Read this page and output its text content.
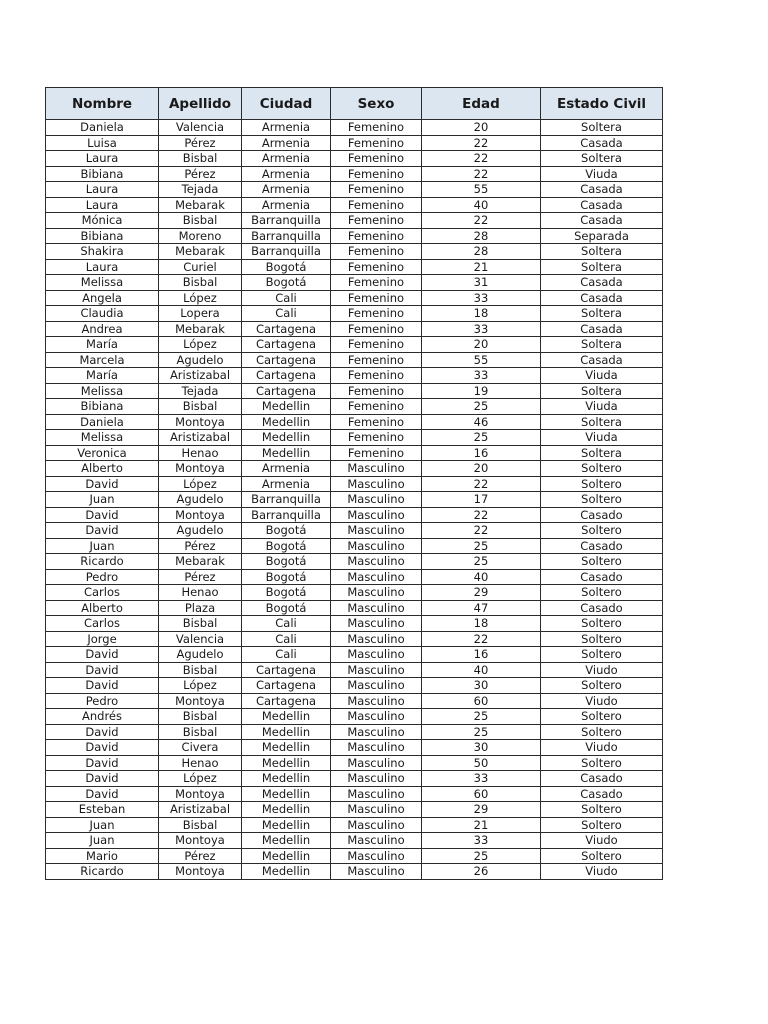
Nombre	Apellido	Ciudad	Sexo	Edad	Estado Civil
Daniela	Valencia	Armenia	Femenino	20	Soltera
Luisa	Pérez	Armenia	Femenino	22	Casada
Laura	Bisbal	Armenia	Femenino	22	Soltera
Bibiana	Pérez	Armenia	Femenino	22	Viuda
Laura	Tejada	Armenia	Femenino	55	Casada
Laura	Mebarak	Armenia	Femenino	40	Casada
Mónica	Bisbal	Barranquilla	Femenino	22	Casada
Bibiana	Moreno	Barranquilla	Femenino	28	Separada
Shakira	Mebarak	Barranquilla	Femenino	28	Soltera
Laura	Curiel	Bogotá	Femenino	21	Soltera
Melissa	Bisbal	Bogotá	Femenino	31	Casada
Angela	López	Cali	Femenino	33	Casada
Claudia	Lopera	Cali	Femenino	18	Soltera
Andrea	Mebarak	Cartagena	Femenino	33	Casada
María	López	Cartagena	Femenino	20	Soltera
Marcela	Agudelo	Cartagena	Femenino	55	Casada
María	Aristizabal	Cartagena	Femenino	33	Viuda
Melissa	Tejada	Cartagena	Femenino	19	Soltera
Bibiana	Bisbal	Medellin	Femenino	25	Viuda
Daniela	Montoya	Medellin	Femenino	46	Soltera
Melissa	Aristizabal	Medellin	Femenino	25	Viuda
Veronica	Henao	Medellin	Femenino	16	Soltera
Alberto	Montoya	Armenia	Masculino	20	Soltero
David	López	Armenia	Masculino	22	Soltero
Juan	Agudelo	Barranquilla	Masculino	17	Soltero
David	Montoya	Barranquilla	Masculino	22	Casado
David	Agudelo	Bogotá	Masculino	22	Soltero
Juan	Pérez	Bogotá	Masculino	25	Casado
Ricardo	Mebarak	Bogotá	Masculino	25	Soltero
Pedro	Pérez	Bogotá	Masculino	40	Casado
Carlos	Henao	Bogotá	Masculino	29	Soltero
Alberto	Plaza	Bogotá	Masculino	47	Casado
Carlos	Bisbal	Cali	Masculino	18	Soltero
Jorge	Valencia	Cali	Masculino	22	Soltero
David	Agudelo	Cali	Masculino	16	Soltero
David	Bisbal	Cartagena	Masculino	40	Viudo
David	López	Cartagena	Masculino	30	Soltero
Pedro	Montoya	Cartagena	Masculino	60	Viudo
Andrés	Bisbal	Medellin	Masculino	25	Soltero
David	Bisbal	Medellin	Masculino	25	Soltero
David	Civera	Medellin	Masculino	30	Viudo
David	Henao	Medellin	Masculino	50	Soltero
David	López	Medellin	Masculino	33	Casado
David	Montoya	Medellin	Masculino	60	Casado
Esteban	Aristizabal	Medellin	Masculino	29	Soltero
Juan	Bisbal	Medellin	Masculino	21	Soltero
Juan	Montoya	Medellin	Masculino	33	Viudo
Mario	Pérez	Medellin	Masculino	25	Soltero
Ricardo	Montoya	Medellin	Masculino	26	Viudo
